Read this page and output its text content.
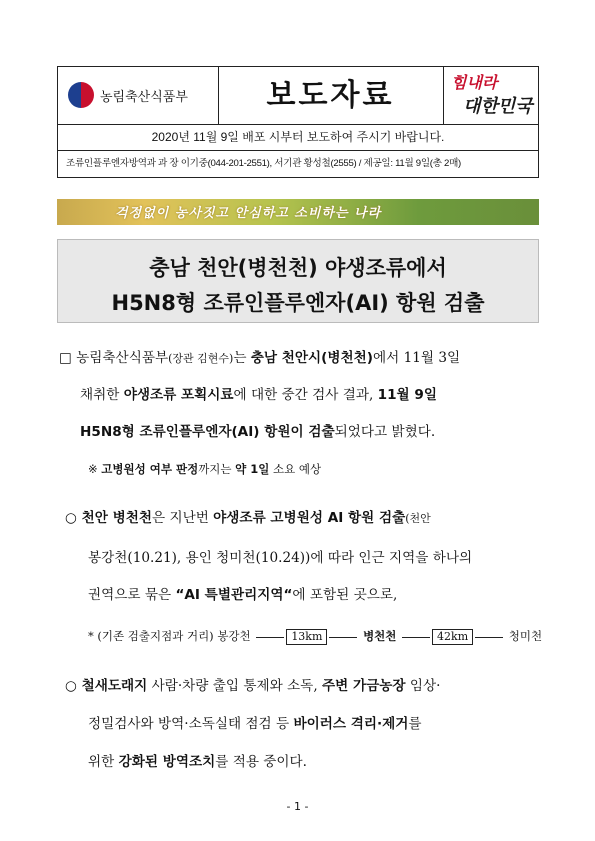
농림축산식품부	보도자료	힘내라
대한민국
2020년 11월 9일 배포 시부터 보도하여 주시기 바랍니다.
조류인플루엔자방역과 과 장 이기중(044-201-2551), 서기관 황성철(2555) / 제공일: 11월 9일(총 2매)
걱정없이 농사짓고 안심하고 소비하는 나라
충남 천안(병천천) 야생조류에서
H5N8형 조류인플루엔자(AI) 항원 검출
□ 농림축산식품부(장관 김현수)는 충남 천안시(병천천)에서 11월 3일
채취한 야생조류 포획시료에 대한 중간 검사 결과, 11월 9일
H5N8형 조류인플루엔자(AI) 항원이 검출되었다고 밝혔다.
※ 고병원성 여부 판정까지는 약 1일 소요 예상
○ 천안 병천천은 지난번 야생조류 고병원성 AI 항원 검출(천안
봉강천(10.21), 용인 청미천(10.24))에 따라 인근 지역을 하나의
권역으로 묶은 “AI 특별관리지역“에 포함된 곳으로,
* (기존 검출지점과 거리) 봉강천	13km	병천천	42km	청미천
○ 철새도래지 사람·차량 출입 통제와 소독, 주변 가금농장 임상·
정밀검사와 방역·소독실태 점검 등 바이러스 격리·제거를
위한 강화된 방역조치를 적용 중이다.
- 1 -
